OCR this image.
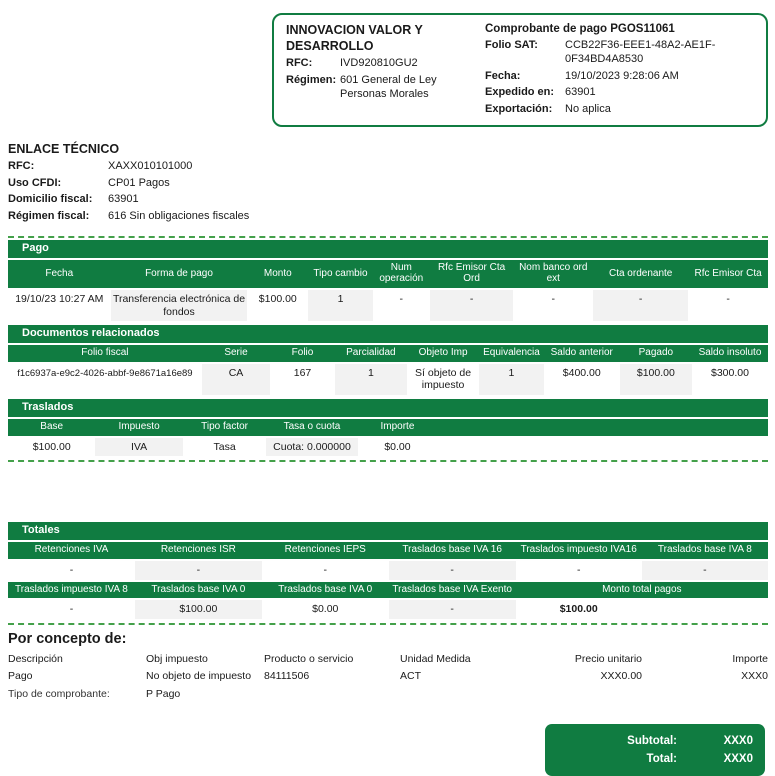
INNOVACION VALOR Y DESARROLLO
RFC:	IVD920810GU2
Régimen: 601 General de Ley Personas Morales
Comprobante de pago PGOS11061
Folio SAT:	CCB22F36-EEE1-48A2-AE1F-0F34BD4A8530
Fecha:	19/10/2023 9:28:06 AM
Expedido en: 63901
Exportación:	No aplica
ENLACE TÉCNICO
RFC:	XAXX010101000
Uso CFDI:	CP01 Pagos
Domicilio fiscal:	63901
Régimen fiscal:	616 Sin obligaciones fiscales
Pago
Fecha	Forma de pago	Monto	Tipo cambio	Num operación	Rfc Emisor Cta Ord	Nom banco ord ext	Cta ordenante	Rfc Emisor Cta
19/10/23 10:27 AM	Transferencia electrónica de fondos	$100.00	1	-	-	-	-	-
Documentos relacionados
Folio fiscal	Serie	Folio	Parcialidad	Objeto Imp	Equivalencia	Saldo anterior	Pagado	Saldo insoluto
f1c6937a-e9c2-4026-abbf-9e8671a16e89	CA	167	1	Sí objeto de impuesto	1	$400.00	$100.00	$300.00
Traslados
Base	Impuesto	Tipo factor	Tasa o cuota	Importe	
$100.00	IVA	Tasa	Cuota: 0.000000	$0.00	
Totales
Retenciones IVA	Retenciones ISR	Retenciones IEPS	Traslados base IVA 16	Traslados impuesto IVA16	Traslados base IVA 8
-	-	-	-	-	-
Traslados impuesto IVA 8	Traslados base IVA 0	Traslados base IVA 0	Traslados base IVA Exento	Monto total pagos	
-	$100.00	$0.00	-	$100.00	
Por concepto de:
Descripción	Obj impuesto	Producto o servicio	Unidad Medida	Precio unitario	Importe
Pago	No objeto de impuesto	84111506	ACT	XXX0.00	XXX0
Tipo de comprobante:	P Pago
Subtotal:	XXX0
Total:	XXX0
